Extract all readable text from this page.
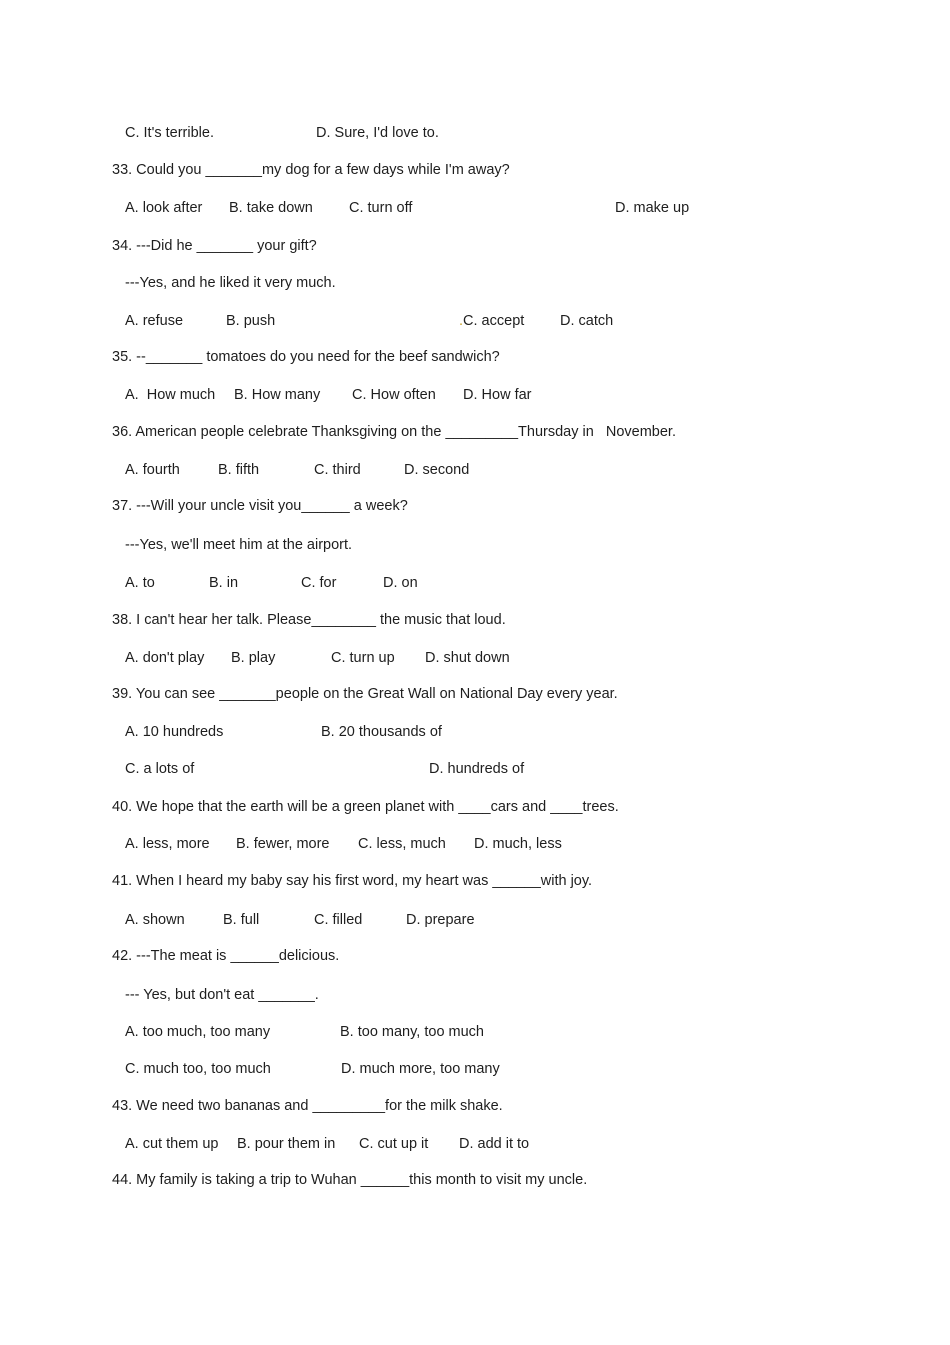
C. It's terrible.	D. Sure, I'd love to.
33. Could you _______my dog for a few days while I'm away?
A. look after B. take down C. turn off	D. make up
34. ---Did he _______ your gift?
---Yes, and he liked it very much.
A. refuse	B. push	.C. accept D. catch
35. --_______ tomatoes do you need for the beef sandwich?
A.  How much B. How many C. How often D. How far
36. American people celebrate Thanksgiving on the _________Thursday in   November.
A. fourth	B. fifth	C. third	D. second
37. ---Will your uncle visit you______ a week?
---Yes, we'll meet him at the airport.
A. to	B. in	C. for	D. on
38. I can't hear her talk. Please________ the music that loud.
A. don't play B. play	C. turn up D. shut down
39. You can see _______people on the Great Wall on National Day every year.
A. 10 hundreds	B. 20 thousands of
C. a lots of	D. hundreds of
40. We hope that the earth will be a green planet with ____cars and ____trees.
A. less, more B. fewer, more C. less, much D. much, less
41. When I heard my baby say his first word, my heart was ______with joy.
A. shown	B. full	C. filled	D. prepare
42. ---The meat is ______delicious.
--- Yes, but don't eat _______.
A. too much, too many	B. too many, too much
C. much too, too much	D. much more, too many
43. We need two bananas and _________for the milk shake.
A. cut them up B. pour them in C. cut up it D. add it to
44. My family is taking a trip to Wuhan ______this month to visit my uncle.
